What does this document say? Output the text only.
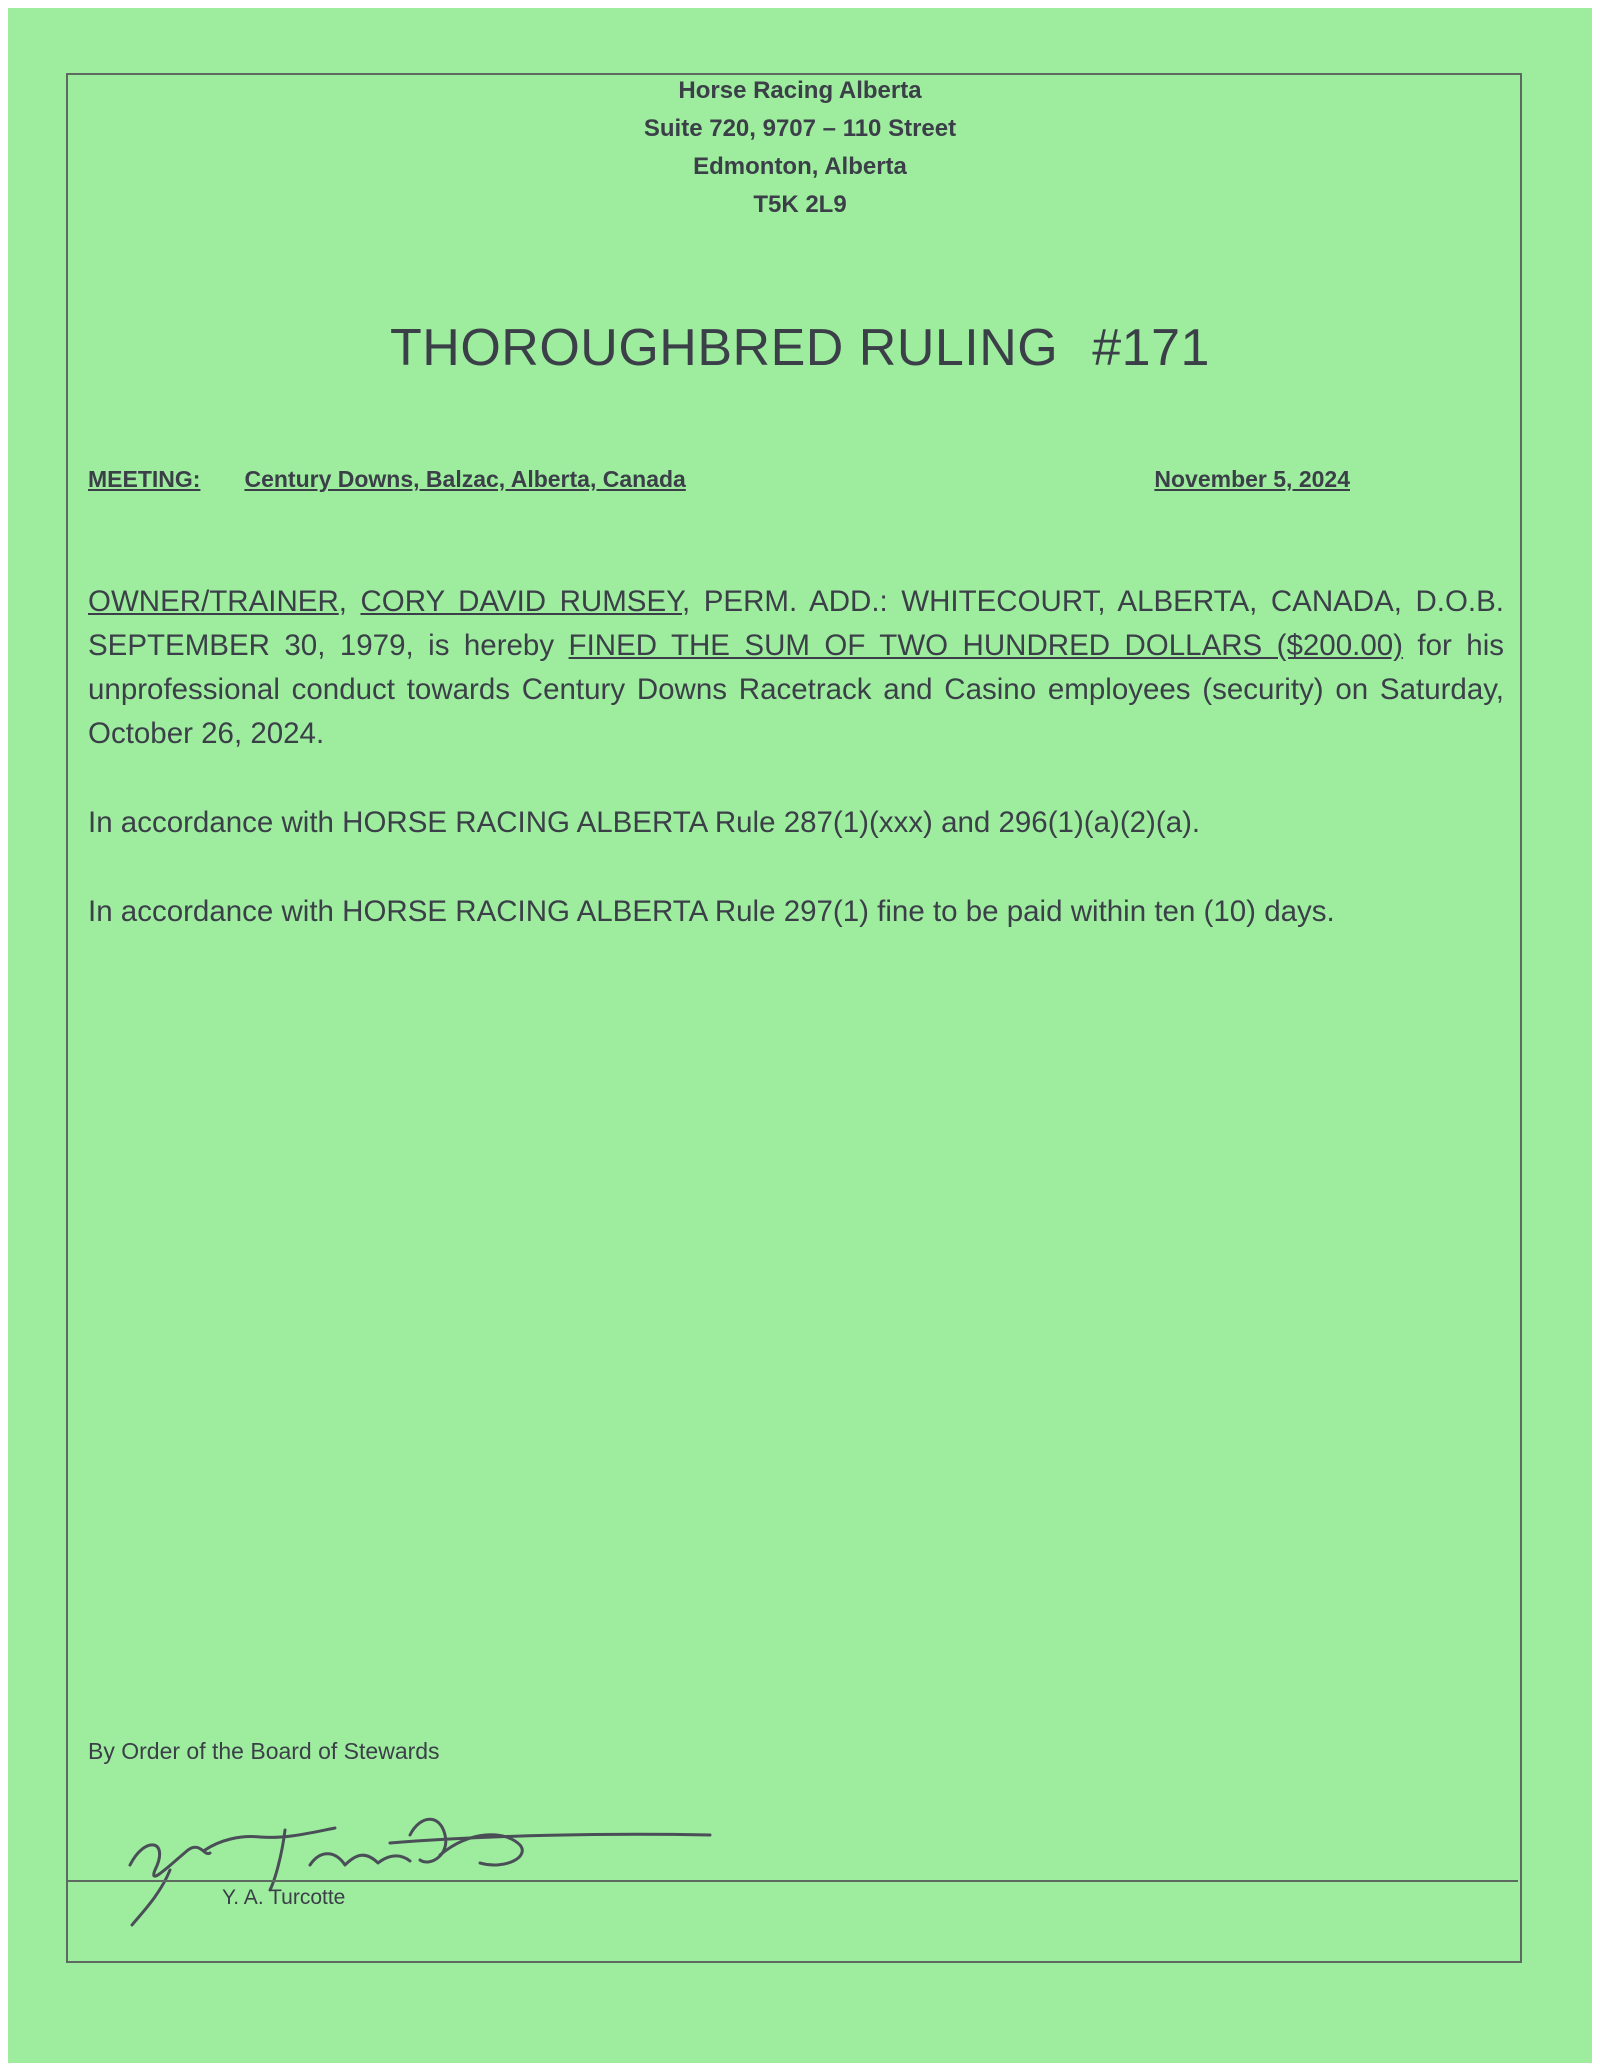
Horse Racing Alberta
Suite 720, 9707 – 110 Street
Edmonton, Alberta
T5K 2L9
THOROUGHBRED RULING #171
MEETING: Century Downs, Balzac, Alberta, Canada	November 5, 2024

OWNER/TRAINER, CORY DAVID RUMSEY, PERM. ADD.: WHITECOURT, ALBERTA, CANADA, D.O.B. SEPTEMBER 30, 1979, is hereby FINED THE SUM OF TWO HUNDRED DOLLARS ($200.00) for his unprofessional conduct towards Century Downs Racetrack and Casino employees (security) on Saturday, October 26, 2024.

In accordance with HORSE RACING ALBERTA Rule 287(1)(xxx) and 296(1)(a)(2)(a).

In accordance with HORSE RACING ALBERTA Rule 297(1) fine to be paid within ten (10) days.

By Order of the Board of Stewards
Y. A. Turcotte
